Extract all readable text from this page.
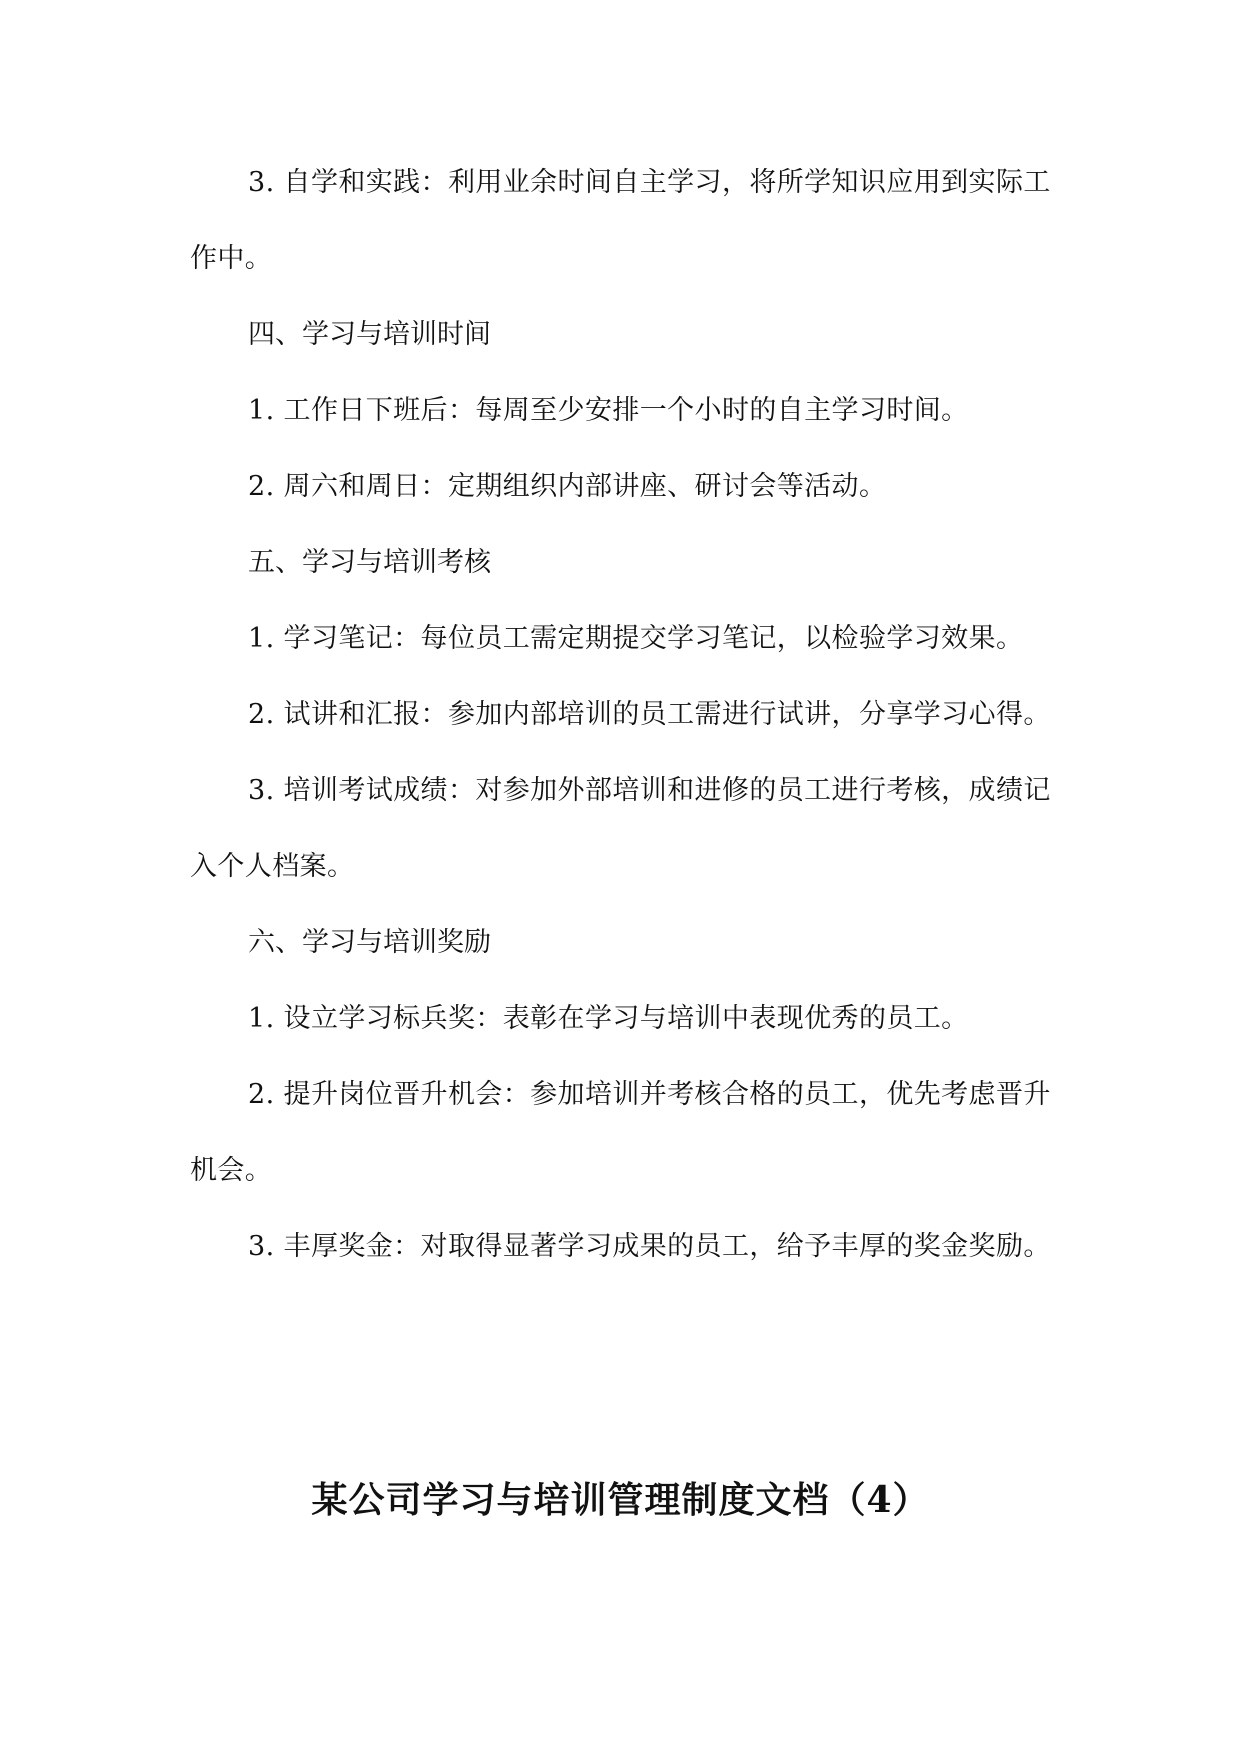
3. 自学和实践：利用业余时间自主学习，将所学知识应用到实际工作中。

四、学习与培训时间

1. 工作日下班后：每周至少安排一个小时的自主学习时间。

2. 周六和周日：定期组织内部讲座、研讨会等活动。

五、学习与培训考核

1. 学习笔记：每位员工需定期提交学习笔记，以检验学习效果。

2. 试讲和汇报：参加内部培训的员工需进行试讲，分享学习心得。

3. 培训考试成绩：对参加外部培训和进修的员工进行考核，成绩记入个人档案。

六、学习与培训奖励

1. 设立学习标兵奖：表彰在学习与培训中表现优秀的员工。

2. 提升岗位晋升机会：参加培训并考核合格的员工，优先考虑晋升机会。

3. 丰厚奖金：对取得显著学习成果的员工，给予丰厚的奖金奖励。

某公司学习与培训管理制度文档（4）
